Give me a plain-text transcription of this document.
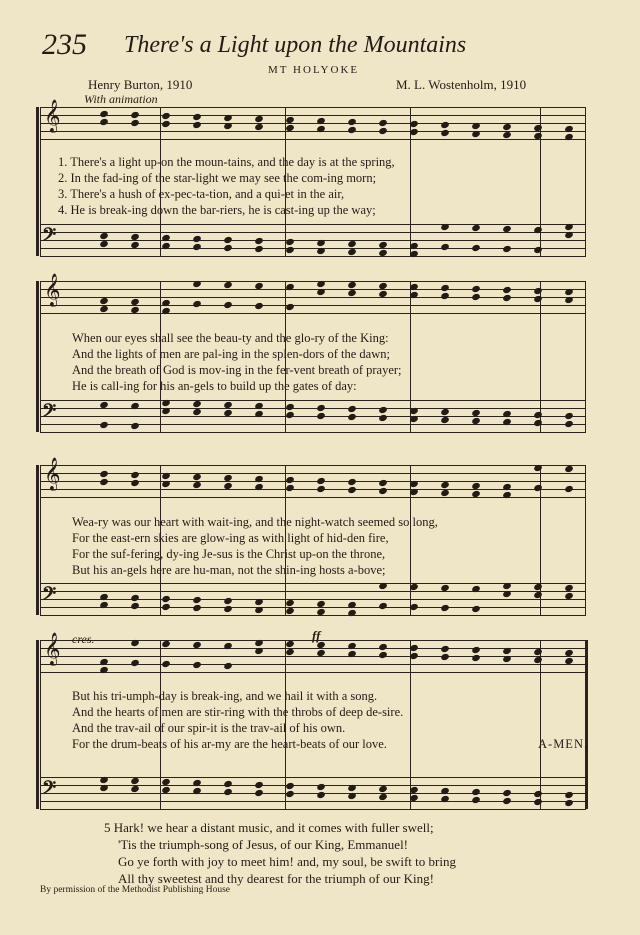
235 There's a Light upon the Mountains
MT HOLYOKE
Henry Burton, 1910	M. L. Wostenholm, 1910
With animation
𝄞
𝄢
𝄞
𝄢
𝄞
𝄢
𝄞
𝄢
cres.	ff
1. There's a light up-on the moun-tains, and the day is at the spring,
2. In the fad-ing of the star-light we may see the com-ing morn;
3. There's a hush of ex-pec-ta-tion, and a qui-et in the air,
4. He is break-ing down the bar-riers, he is cast-ing up the way;
When our eyes shall see the beau-ty and the glo-ry of the King:
And the lights of men are pal-ing in the splen-dors of the dawn;
And the breath of God is mov-ing in the fer-vent breath of prayer;
He is call-ing for his an-gels to build up the gates of day:
Wea-ry was our heart with wait-ing, and the night-watch seemed so long,
For the east-ern skies are glow-ing as with light of hid-den fire,
For the suf-fering, dy-ing Je-sus is the Christ up-on the throne,
But his an-gels here are hu-man, not the shin-ing hosts a-bove;
But his tri-umph-day is break-ing, and we hail it with a song.
And the hearts of men are stir-ring with the throbs of deep de-sire.
And the trav-ail of our spir-it is the trav-ail of his own.
For the drum-beats of his ar-my are the heart-beats of our love.	A-MEN.
5 Hark! we hear a distant music, and it comes with fuller swell;
'Tis the triumph-song of Jesus, of our King, Emmanuel!
Go ye forth with joy to meet him! and, my soul, be swift to bring
All thy sweetest and thy dearest for the triumph of our King!
By permission of the Methodist Publishing House
